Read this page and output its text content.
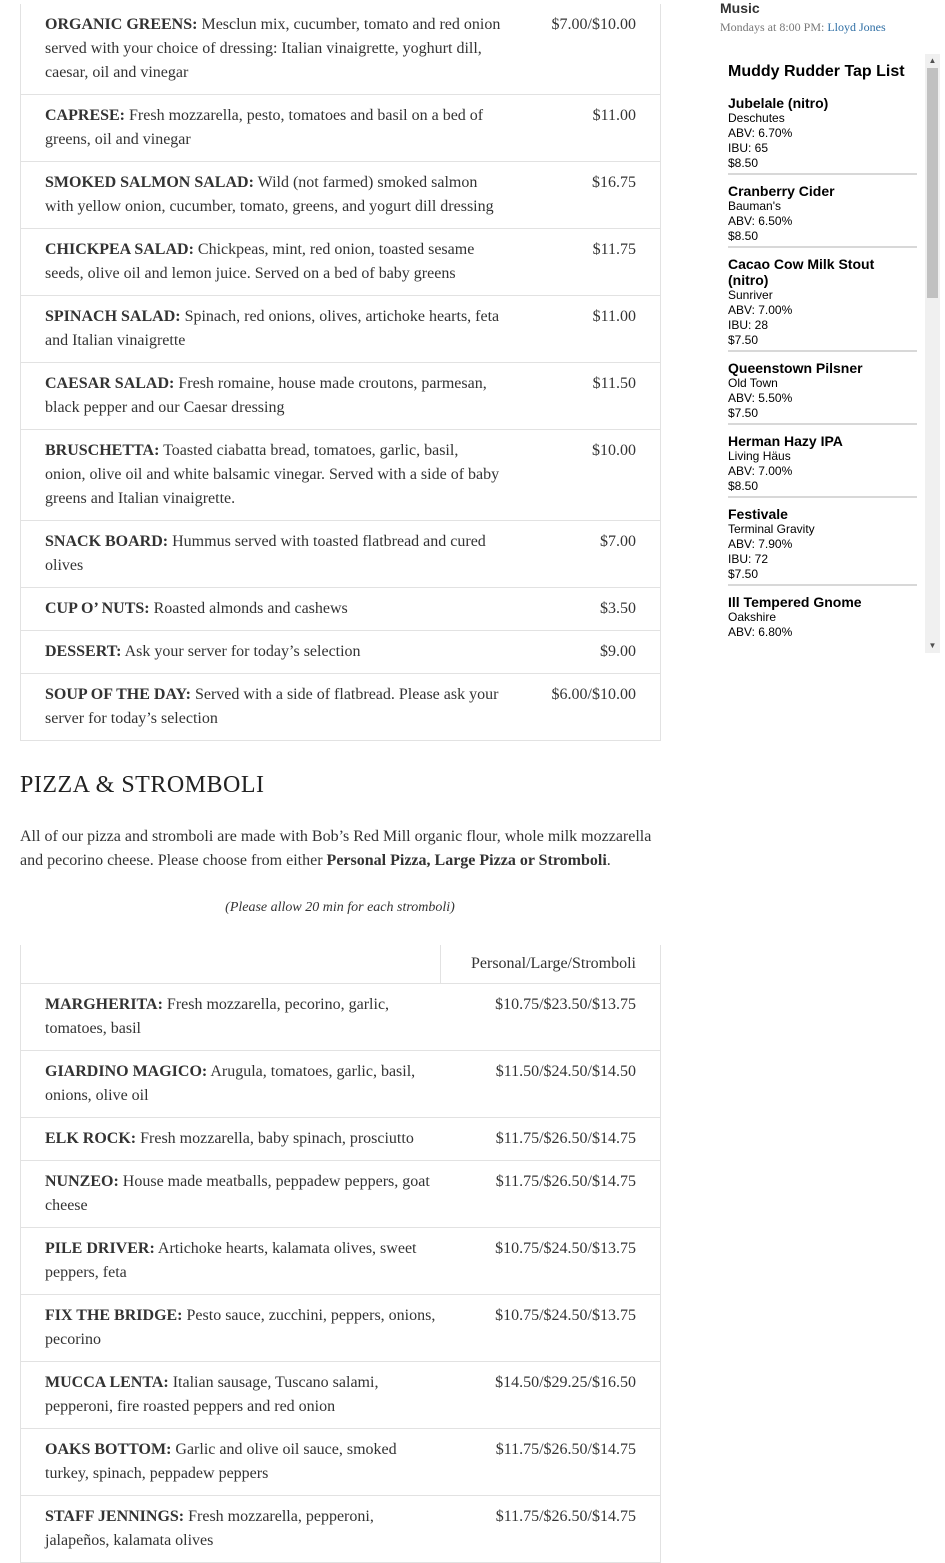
ORGANIC GREENS: Mesclun mix, cucumber, tomato and red onion served with your choice of dressing: Italian vinaigrette, yoghurt dill, caesar, oil and vinegar	$7.00/$10.00
CAPRESE: Fresh mozzarella, pesto, tomatoes and basil on a bed of greens, oil and vinegar	$11.00
SMOKED SALMON SALAD: Wild (not farmed) smoked salmon with yellow onion, cucumber, tomato, greens, and yogurt dill dressing	$16.75
CHICKPEA SALAD: Chickpeas, mint, red onion, toasted sesame seeds, olive oil and lemon juice. Served on a bed of baby greens	$11.75
SPINACH SALAD: Spinach, red onions, olives, artichoke hearts, feta and Italian vinaigrette	$11.00
CAESAR SALAD: Fresh romaine, house made croutons, parmesan, black pepper and our Caesar dressing	$11.50
BRUSCHETTA: Toasted ciabatta bread, tomatoes, garlic, basil, onion, olive oil and white balsamic vinegar. Served with a side of baby greens and Italian vinaigrette.	$10.00
SNACK BOARD: Hummus served with toasted flatbread and cured olives	$7.00
CUP O’ NUTS: Roasted almonds and cashews	$3.50
DESSERT: Ask your server for today’s selection	$9.00
SOUP OF THE DAY: Served with a side of flatbread. Please ask your server for today’s selection	$6.00/$10.00
PIZZA & STROMBOLI

All of our pizza and stromboli are made with Bob’s Red Mill organic flour, whole milk mozzarella and pecorino cheese. Please choose from either Personal Pizza, Large Pizza or Stromboli.

(Please allow 20 min for each stromboli)

	Personal/Large/Stromboli
MARGHERITA: Fresh mozzarella, pecorino, garlic, tomatoes, basil	$10.75/$23.50/$13.75
GIARDINO MAGICO: Arugula, tomatoes, garlic, basil, onions, olive oil	$11.50/$24.50/$14.50
ELK ROCK: Fresh mozzarella, baby spinach, prosciutto	$11.75/$26.50/$14.75
NUNZEO: House made meatballs, peppadew peppers, goat cheese	$11.75/$26.50/$14.75
PILE DRIVER: Artichoke hearts, kalamata olives, sweet peppers, feta	$10.75/$24.50/$13.75
FIX THE BRIDGE: Pesto sauce, zucchini, peppers, onions, pecorino	$10.75/$24.50/$13.75
MUCCA LENTA: Italian sausage, Tuscano salami, pepperoni, fire roasted peppers and red onion	$14.50/$29.25/$16.50
OAKS BOTTOM: Garlic and olive oil sauce, smoked turkey, spinach, peppadew peppers	$11.75/$26.50/$14.75
STAFF JENNINGS: Fresh mozzarella, pepperoni, jalapeños, kalamata olives	$11.75/$26.50/$14.75
Music
Mondays at 8:00 PM: Lloyd Jones
Muddy Rudder Tap List
Jubelale (nitro)
Deschutes
ABV: 6.70%
IBU: 65
$8.50
Cranberry Cider
Bauman's
ABV: 6.50%
$8.50
Cacao Cow Milk Stout (nitro)
Sunriver
ABV: 7.00%
IBU: 28
$7.50
Queenstown Pilsner
Old Town
ABV: 5.50%
$7.50
Herman Hazy IPA
Living Häus
ABV: 7.00%
$8.50
Festivale
Terminal Gravity
ABV: 7.90%
IBU: 72
$7.50
Ill Tempered Gnome
Oakshire
ABV: 6.80%
▲
▼
